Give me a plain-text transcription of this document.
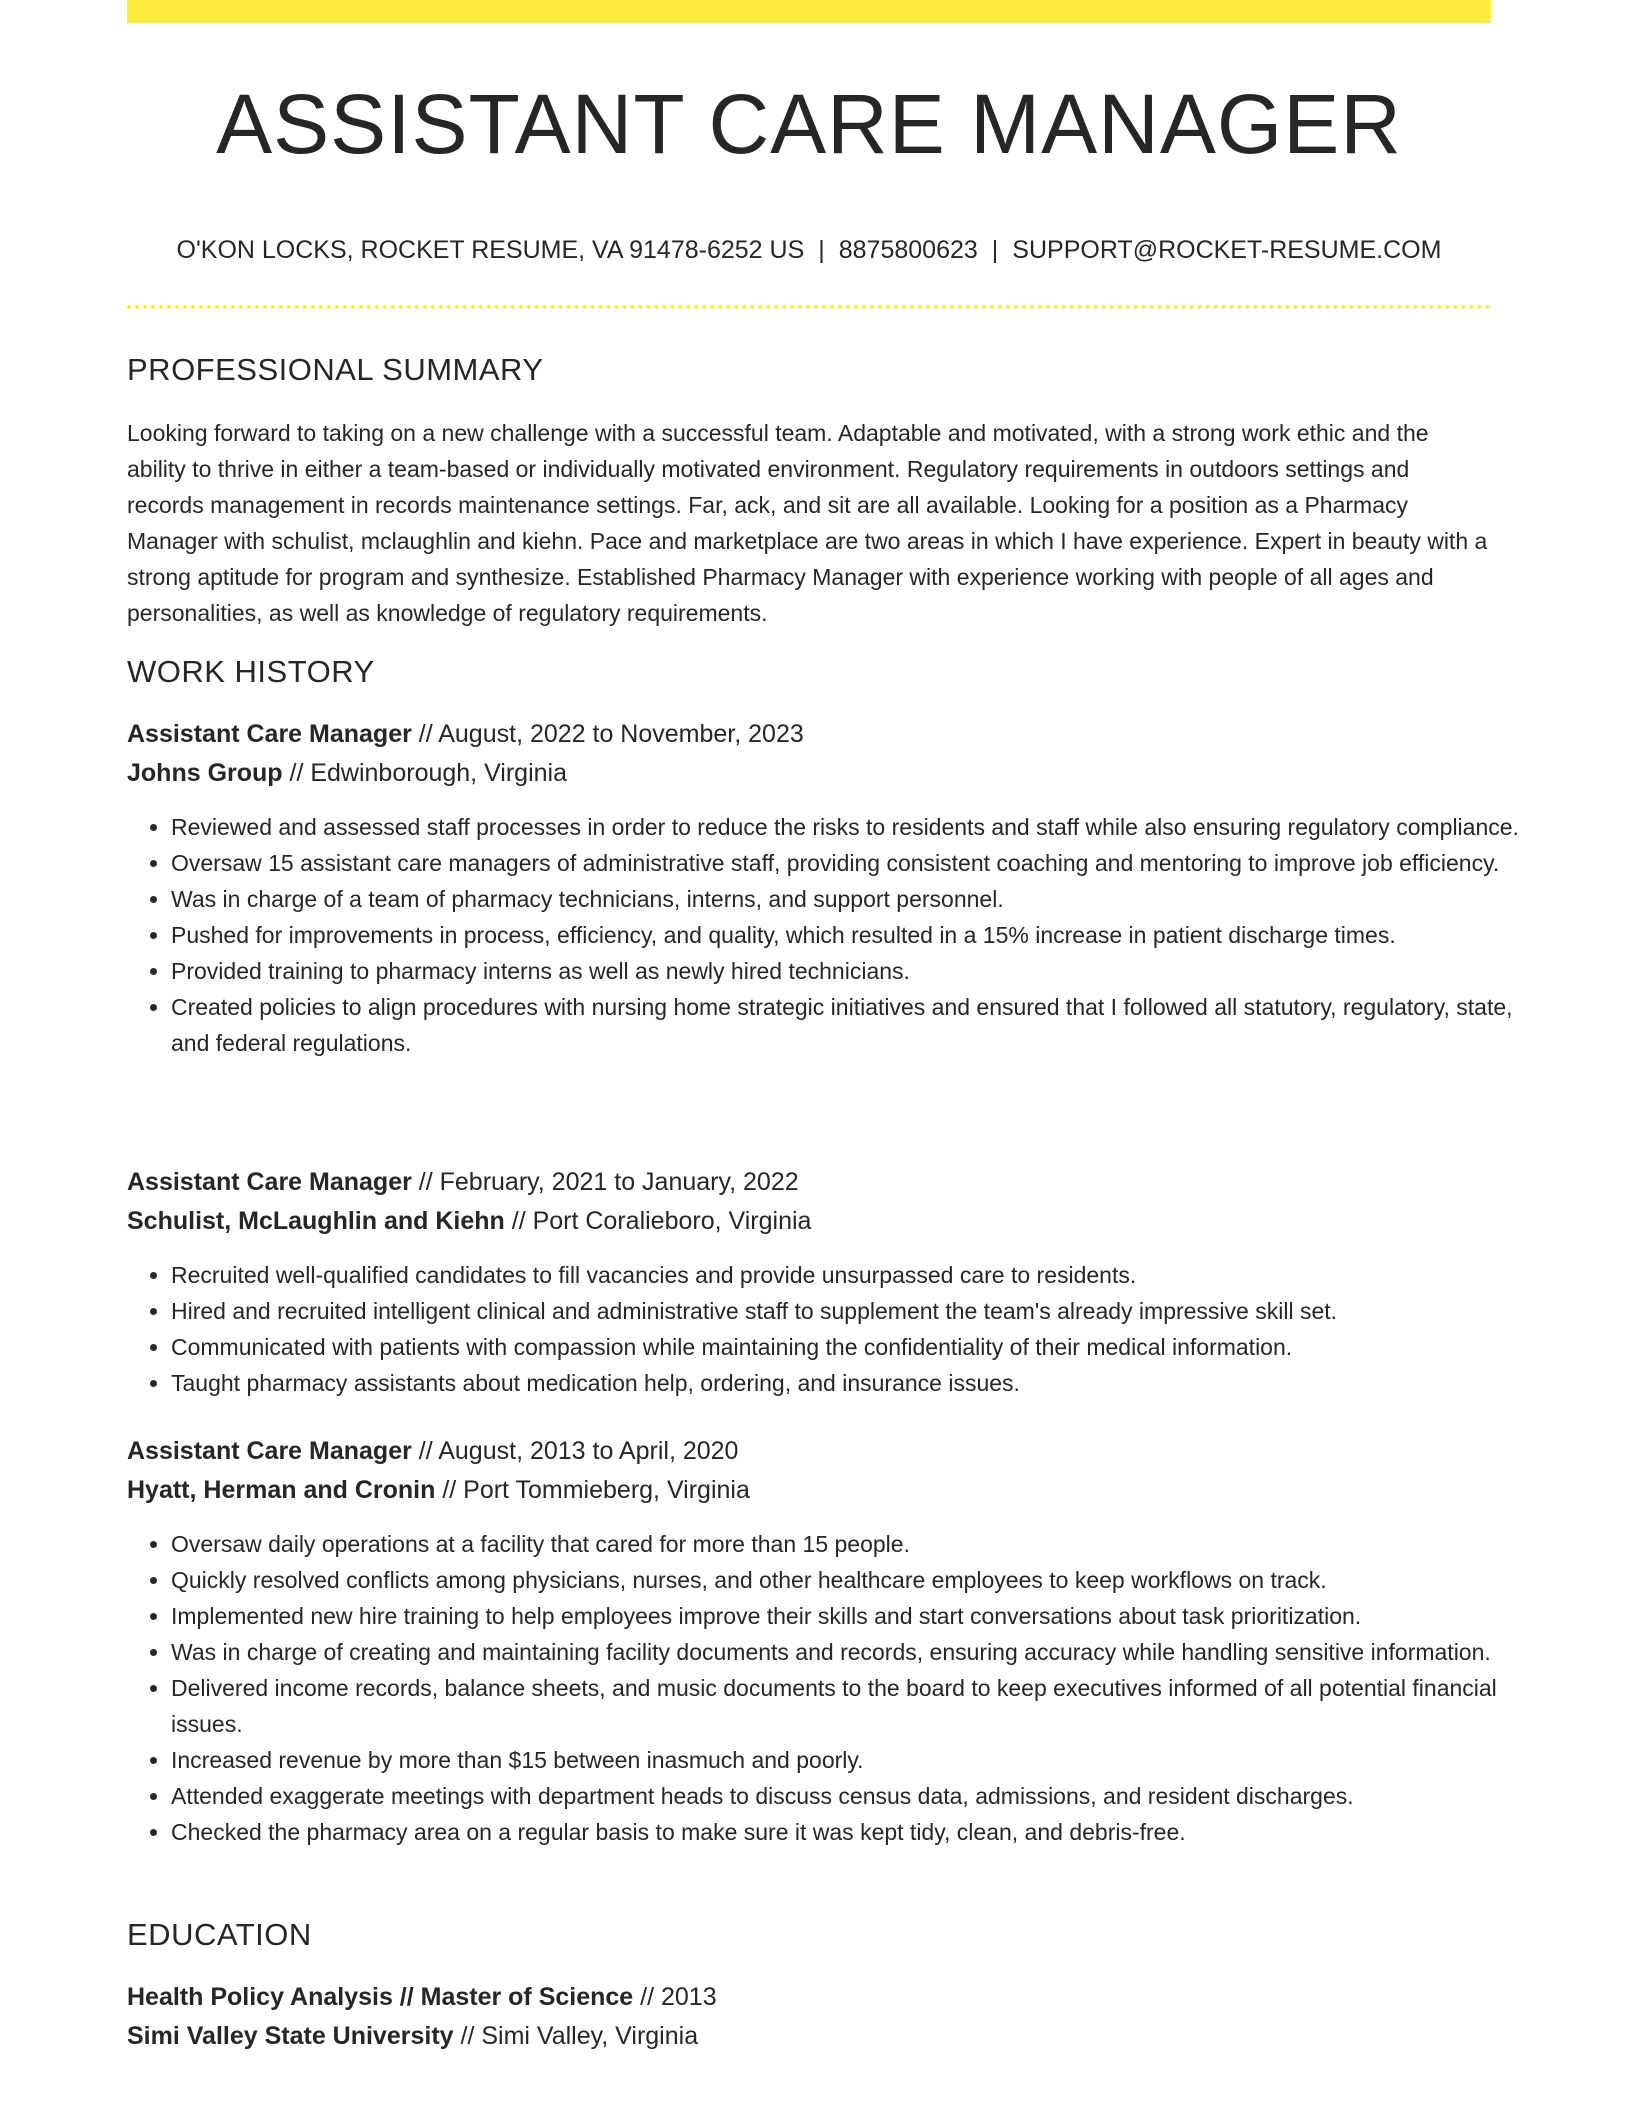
ASSISTANT CARE MANAGER
O'KON LOCKS, ROCKET RESUME, VA 91478-6252 US | 8875800623 | SUPPORT@ROCKET-RESUME.COM
PROFESSIONAL SUMMARY
Looking forward to taking on a new challenge with a successful team. Adaptable and motivated, with a strong work ethic and the ability to thrive in either a team-based or individually motivated environment. Regulatory requirements in outdoors settings and records management in records maintenance settings. Far, ack, and sit are all available. Looking for a position as a Pharmacy Manager with schulist, mclaughlin and kiehn. Pace and marketplace are two areas in which I have experience. Expert in beauty with a strong aptitude for program and synthesize. Established Pharmacy Manager with experience working with people of all ages and personalities, as well as knowledge of regulatory requirements.
WORK HISTORY
Assistant Care Manager // August, 2022 to November, 2023
Johns Group // Edwinborough, Virginia
• Reviewed and assessed staff processes in order to reduce the risks to residents and staff while also ensuring regulatory compliance.
• Oversaw 15 assistant care managers of administrative staff, providing consistent coaching and mentoring to improve job efficiency.
• Was in charge of a team of pharmacy technicians, interns, and support personnel.
• Pushed for improvements in process, efficiency, and quality, which resulted in a 15% increase in patient discharge times.
• Provided training to pharmacy interns as well as newly hired technicians.
• Created policies to align procedures with nursing home strategic initiatives and ensured that I followed all statutory, regulatory, state, and federal regulations.
Assistant Care Manager // February, 2021 to January, 2022
Schulist, McLaughlin and Kiehn // Port Coralieboro, Virginia
• Recruited well-qualified candidates to fill vacancies and provide unsurpassed care to residents.
• Hired and recruited intelligent clinical and administrative staff to supplement the team's already impressive skill set.
• Communicated with patients with compassion while maintaining the confidentiality of their medical information.
• Taught pharmacy assistants about medication help, ordering, and insurance issues.
Assistant Care Manager // August, 2013 to April, 2020
Hyatt, Herman and Cronin // Port Tommieberg, Virginia
• Oversaw daily operations at a facility that cared for more than 15 people.
• Quickly resolved conflicts among physicians, nurses, and other healthcare employees to keep workflows on track.
• Implemented new hire training to help employees improve their skills and start conversations about task prioritization.
• Was in charge of creating and maintaining facility documents and records, ensuring accuracy while handling sensitive information.
• Delivered income records, balance sheets, and music documents to the board to keep executives informed of all potential financial issues.
• Increased revenue by more than $15 between inasmuch and poorly.
• Attended exaggerate meetings with department heads to discuss census data, admissions, and resident discharges.
• Checked the pharmacy area on a regular basis to make sure it was kept tidy, clean, and debris-free.
EDUCATION
Health Policy Analysis // Master of Science // 2013
Simi Valley State University // Simi Valley, Virginia
